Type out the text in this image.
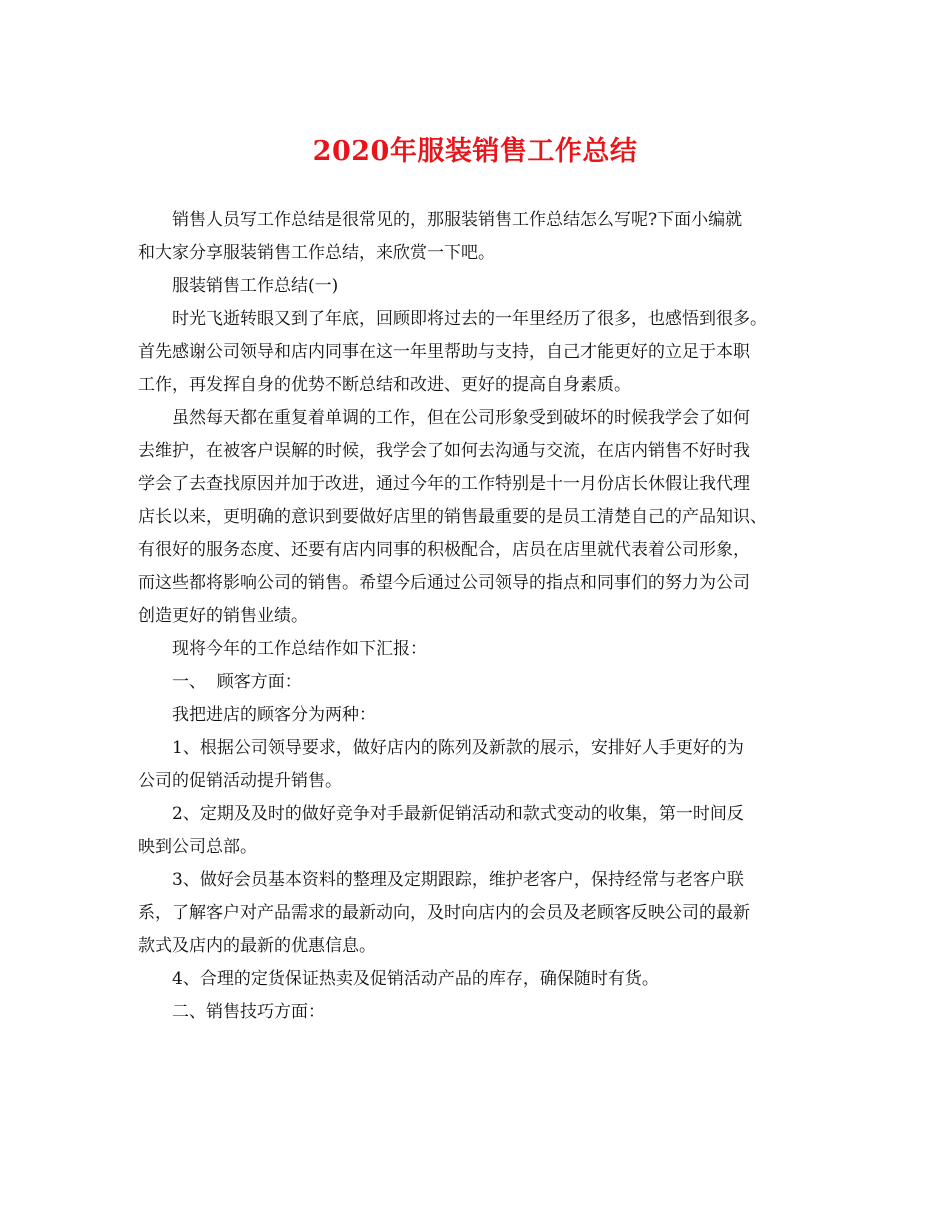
2020年服装销售工作总结

销售人员写工作总结是很常见的，那服装销售工作总结怎么写呢?下面小编就
和大家分享服装销售工作总结，来欣赏一下吧。

服装销售工作总结(一)

时光飞逝转眼又到了年底，回顾即将过去的一年里经历了很多，也感悟到很多。
首先感谢公司领导和店内同事在这一年里帮助与支持，自己才能更好的立足于本职
工作，再发挥自身的优势不断总结和改进、更好的提高自身素质。

虽然每天都在重复着单调的工作，但在公司形象受到破坏的时候我学会了如何
去维护，在被客户误解的时候，我学会了如何去沟通与交流，在店内销售不好时我
学会了去查找原因并加于改进，通过今年的工作特别是十一月份店长休假让我代理
店长以来，更明确的意识到要做好店里的销售最重要的是员工清楚自己的产品知识、
有很好的服务态度、还要有店内同事的积极配合，店员在店里就代表着公司形象，
而这些都将影响公司的销售。希望今后通过公司领导的指点和同事们的努力为公司
创造更好的销售业绩。

现将今年的工作总结作如下汇报：

一、  顾客方面：

我把进店的顾客分为两种：

1、根据公司领导要求，做好店内的陈列及新款的展示，安排好人手更好的为
公司的促销活动提升销售。

2、定期及及时的做好竞争对手最新促销活动和款式变动的收集，第一时间反
映到公司总部。

3、做好会员基本资料的整理及定期跟踪，维护老客户，保持经常与老客户联
系，了解客户对产品需求的最新动向，及时向店内的会员及老顾客反映公司的最新
款式及店内的最新的优惠信息。

4、合理的定货保证热卖及促销活动产品的库存，确保随时有货。

二、销售技巧方面：
